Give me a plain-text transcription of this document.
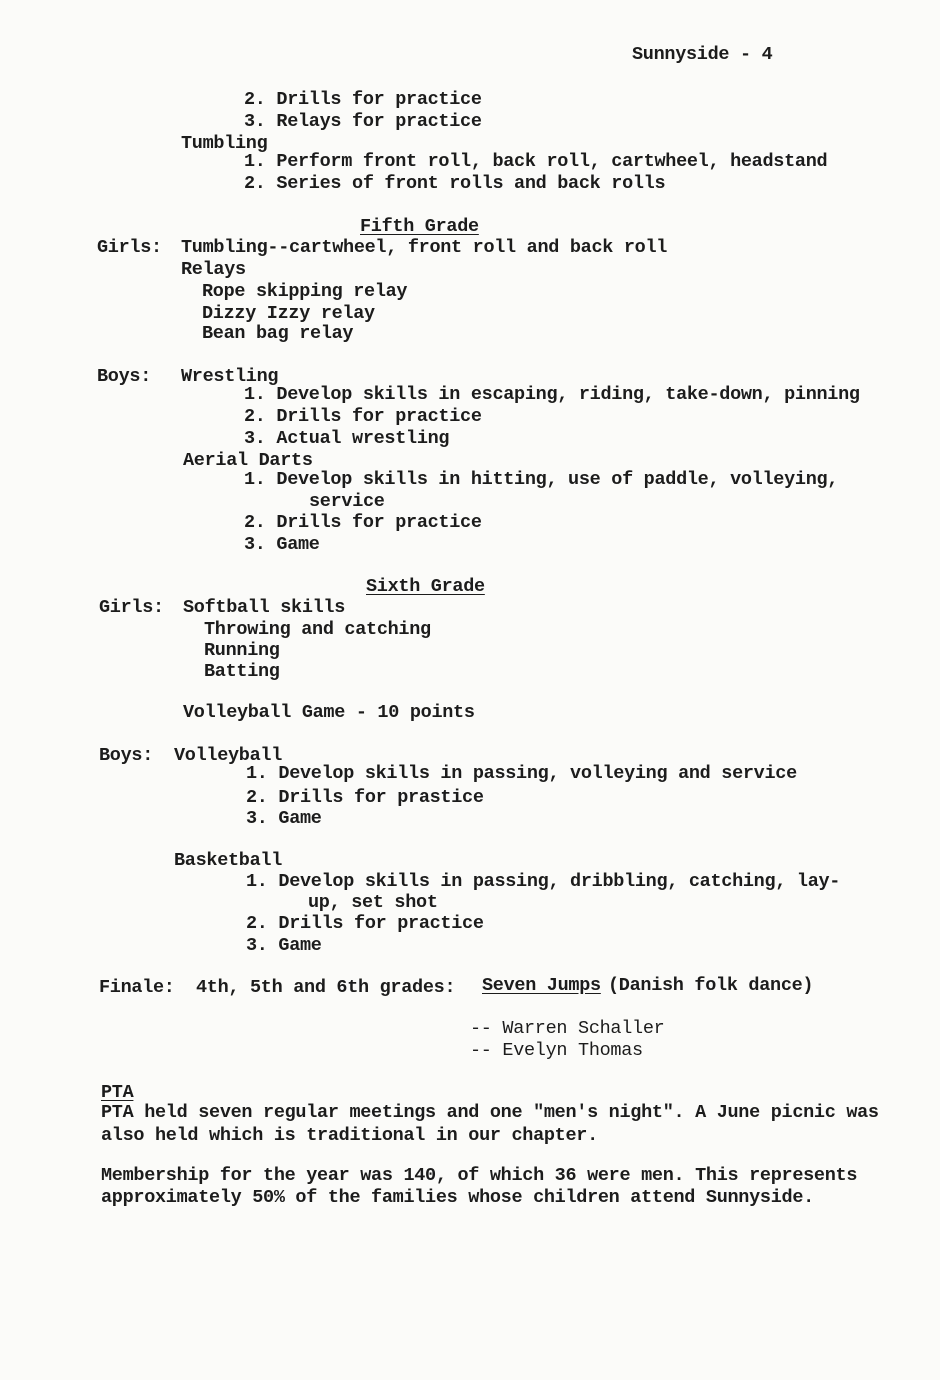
Sunnyside - 4
2. Drills for practice
3. Relays for practice
Tumbling
1. Perform front roll, back roll, cartwheel, headstand
2. Series of front rolls and back rolls
Fifth Grade
Girls: Tumbling--cartwheel, front roll and back roll
Relays
Rope skipping relay
Dizzy Izzy relay
Bean bag relay
Boys: Wrestling
1. Develop skills in escaping, riding, take-down, pinning
2. Drills for practice
3. Actual wrestling
Aerial Darts
1. Develop skills in hitting, use of paddle, volleying,
service
2. Drills for practice
3. Game
Sixth Grade
Girls: Softball skills
Throwing and catching
Running
Batting
Volleyball Game - 10 points
Boys: Volleyball
1. Develop skills in passing, volleying and service
2. Drills for prastice
3. Game
Basketball
1. Develop skills in passing, dribbling, catching, lay-
up, set shot
2. Drills for practice
3. Game
Finale: 4th, 5th and 6th grades: Seven Jumps (Danish folk dance)
-- Warren Schaller
-- Evelyn Thomas
PTA
PTA held seven regular meetings and one "men's night". A June picnic was
also held which is traditional in our chapter.
Membership for the year was 140, of which 36 were men. This represents
approximately 50% of the families whose children attend Sunnyside.
